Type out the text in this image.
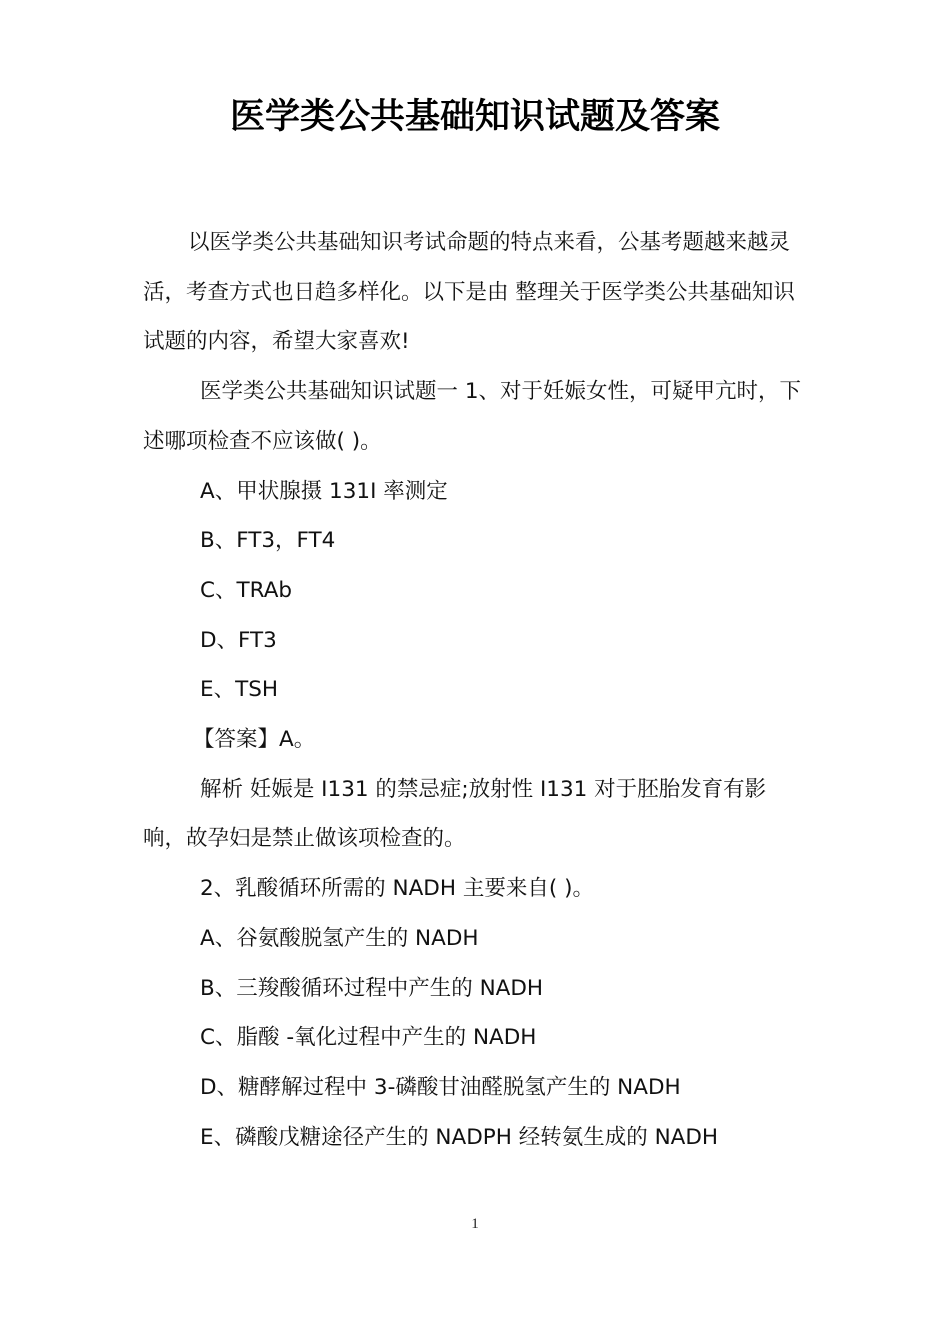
医学类公共基础知识试题及答案

以医学类公共基础知识考试命题的特点来看，公基考题越来越灵活，考查方式也日趋多样化。以下是由 整理关于医学类公共基础知识试题的内容，希望大家喜欢!

医学类公共基础知识试题一 1、对于妊娠女性，可疑甲亢时，下述哪项检查不应该做( )。

A、甲状腺摄 131I 率测定

B、FT3，FT4

C、TRAb

D、FT3

E、TSH

【答案】A。

解析 妊娠是 I131 的禁忌症;放射性 I131 对于胚胎发育有影响，故孕妇是禁止做该项检查的。

2、乳酸循环所需的 NADH 主要来自( )。

A、谷氨酸脱氢产生的 NADH

B、三羧酸循环过程中产生的 NADH

C、脂酸 -氧化过程中产生的 NADH

D、糖酵解过程中 3-磷酸甘油醛脱氢产生的 NADH

E、磷酸戊糖途径产生的 NADPH 经转氨生成的 NADH

1
